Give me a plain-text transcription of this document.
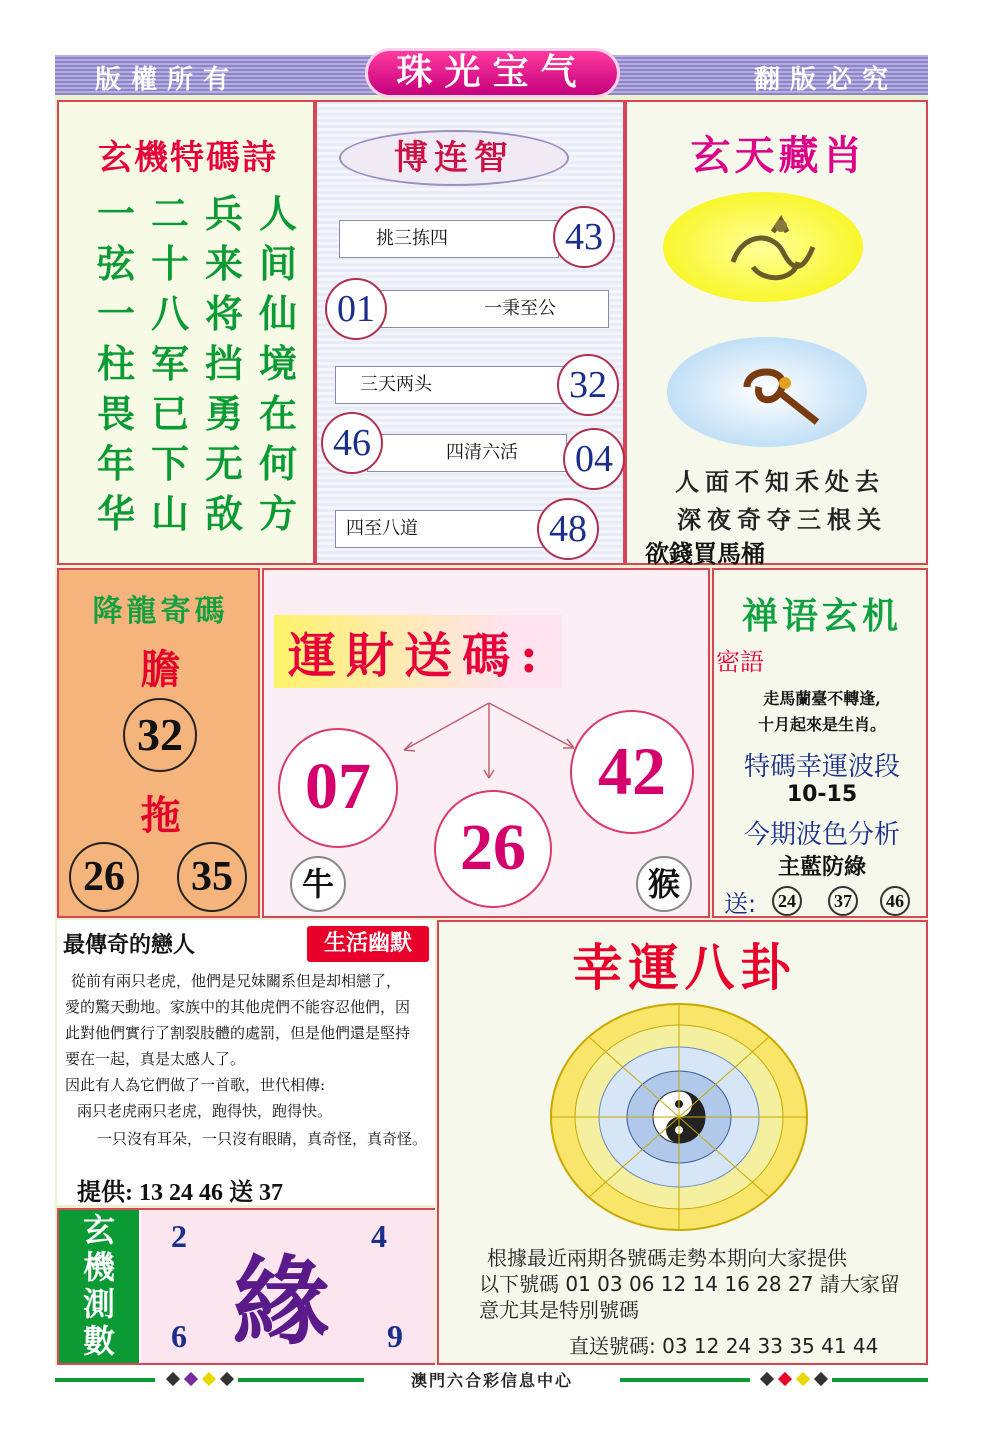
版權所有	翻版必究
珠光宝气
玄機特碼詩
一 二 兵 人
弦 十 来 间
一 八 将 仙
柱 军 挡 境
畏 已 勇 在
年 下 无 何
华 山 敌 方
博连智
挑三拣四	43
一秉至公
01
三天两头	32
四清六活
46	04
四至八道	48
玄天藏肖
人面不知禾处去
深夜奇夺三根关
欲錢買馬桶
降龍寄碼
膽
32
拖
26	35
運財送碼:
07
26
42
牛	猴
禅语玄机
密語
走馬蘭臺不轉逢,
十月起來是生肖。
特碼幸運波段
10-15
今期波色分析
主藍防綠
送:	24	37	46
最傳奇的戀人	生活幽默
從前有兩只老虎，他們是兄妹關系但是却相戀了，
愛的驚天動地。家族中的其他虎們不能容忍他們，因
此對他們實行了割裂肢體的處罰，但是他們還是堅持
要在一起，真是太感人了。
因此有人為它們做了一首歌，世代相傳:
兩只老虎兩只老虎，跑得快，跑得快。
一只沒有耳朵，一只沒有眼睛，真奇怪，真奇怪。
提供: 13 24 46 送 37
幸運八卦
根據最近兩期各號碼走勢本期向大家提供
以下號碼 01 03 06 12 14 16 28 27 請大家留
意尤其是特別號碼
直送號碼: 03 12 24 33 35 41 44
玄
機
測
數
2	4
6	9
緣
澳門六合彩信息中心
